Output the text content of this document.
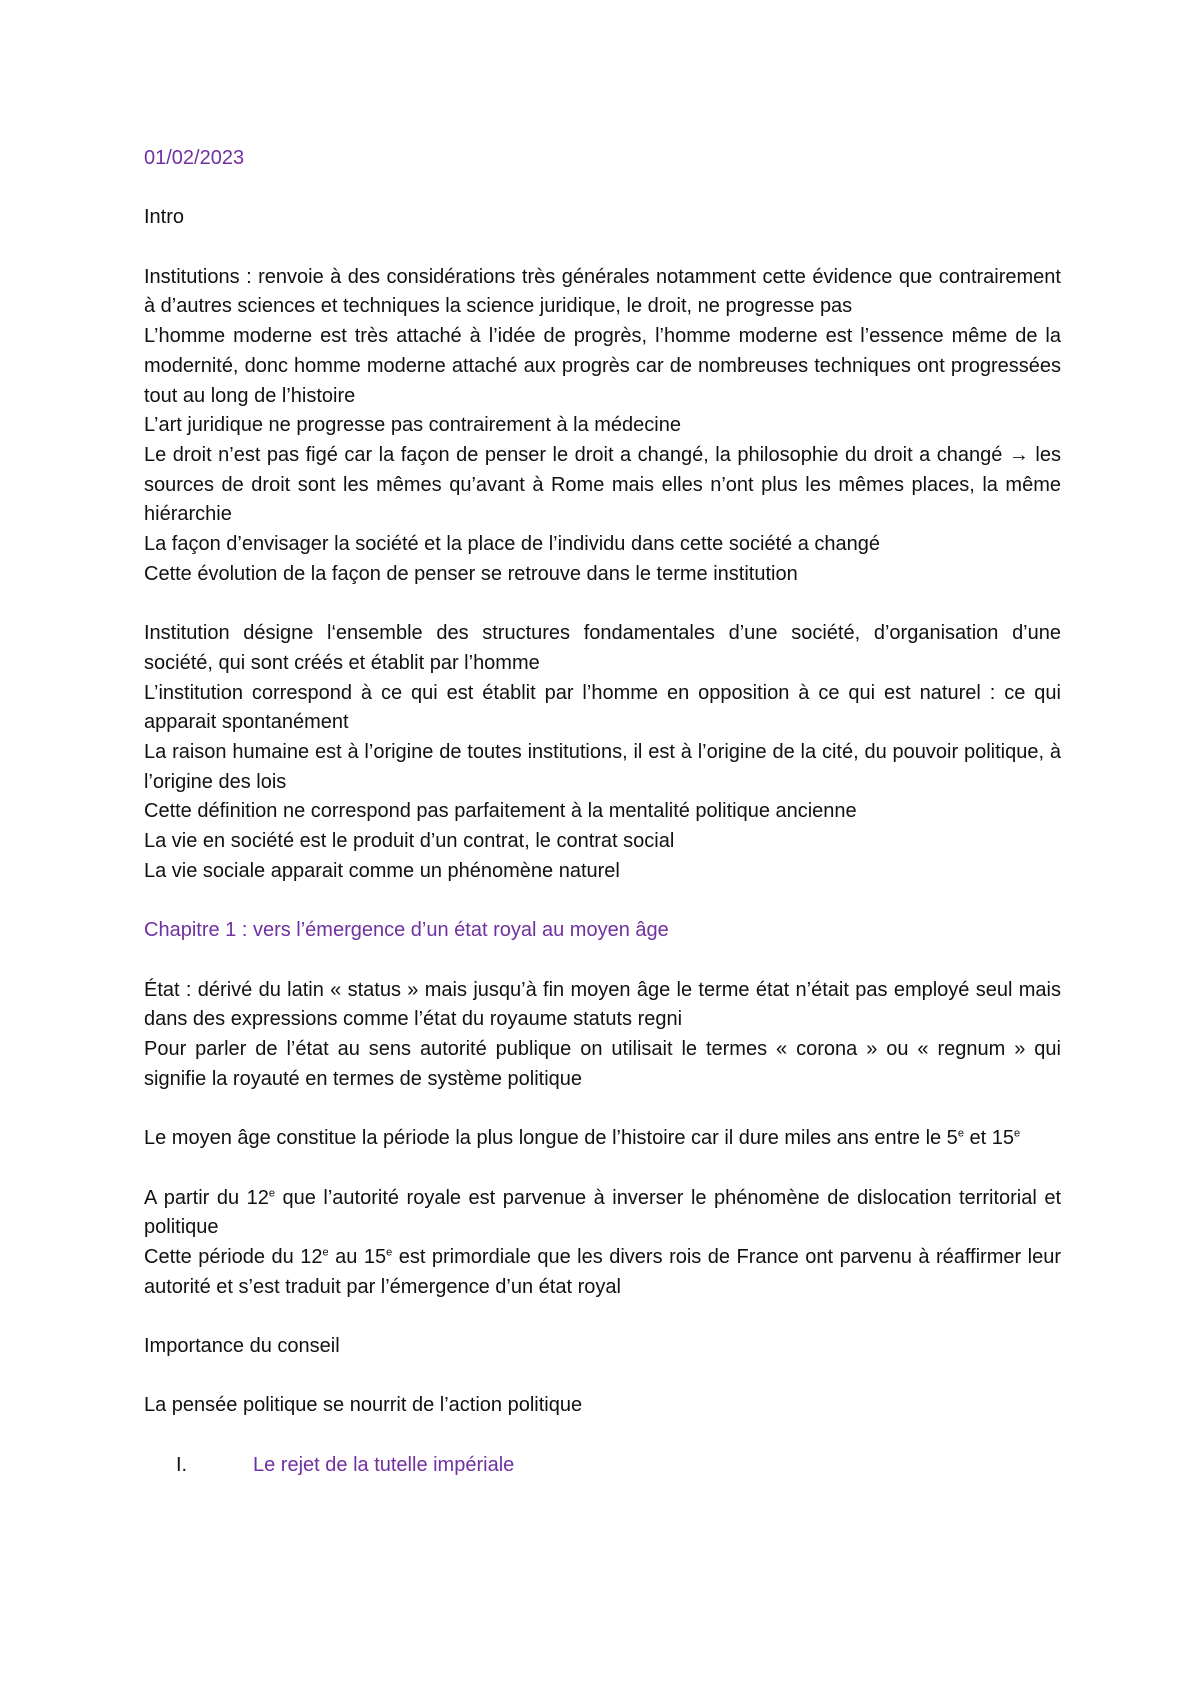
01/02/2023

Intro

Institutions : renvoie à des considérations très générales notamment cette évidence que contrairement à d’autres sciences et techniques la science juridique, le droit, ne progresse pas

L’homme moderne est très attaché à l’idée de progrès, l’homme moderne est l’essence même de la modernité, donc homme moderne attaché aux progrès car de nombreuses techniques ont progressées tout au long de l’histoire

L’art juridique ne progresse pas contrairement à la médecine

Le droit n’est pas figé car la façon de penser le droit a changé, la philosophie du droit a changé → les sources de droit sont les mêmes qu’avant à Rome mais elles n’ont plus les mêmes places, la même hiérarchie

La façon d’envisager la société et la place de l’individu dans cette société a changé

Cette évolution de la façon de penser se retrouve dans le terme institution

Institution désigne l‘ensemble des structures fondamentales d’une société, d’organisation d’une société, qui sont créés et établit par l’homme

L’institution correspond à ce qui est établit par l’homme en opposition à ce qui est naturel : ce qui apparait spontanément

La raison humaine est à l’origine de toutes institutions, il est à l’origine de la cité, du pouvoir politique, à l’origine des lois

Cette définition ne correspond pas parfaitement à la mentalité politique ancienne

La vie en société est le produit d’un contrat, le contrat social

La vie sociale apparait comme un phénomène naturel

Chapitre 1 : vers l’émergence d’un état royal au moyen âge

État : dérivé du latin « status » mais jusqu’à fin moyen âge le terme état n’était pas employé seul mais dans des expressions comme l’état du royaume statuts regni

Pour parler de l’état au sens autorité publique on utilisait le termes « corona » ou « regnum » qui signifie la royauté en termes de système politique

Le moyen âge constitue la période la plus longue de l’histoire car il dure miles ans entre le 5e et 15e

A partir du 12e que l’autorité royale est parvenue à inverser le phénomène de dislocation territorial et politique

Cette période du 12e au 15e est primordiale que les divers rois de France ont parvenu à réaffirmer leur autorité et s’est traduit par l’émergence d’un état royal

Importance du conseil

La pensée politique se nourrit de l’action politique

I.	Le rejet de la tutelle impériale
